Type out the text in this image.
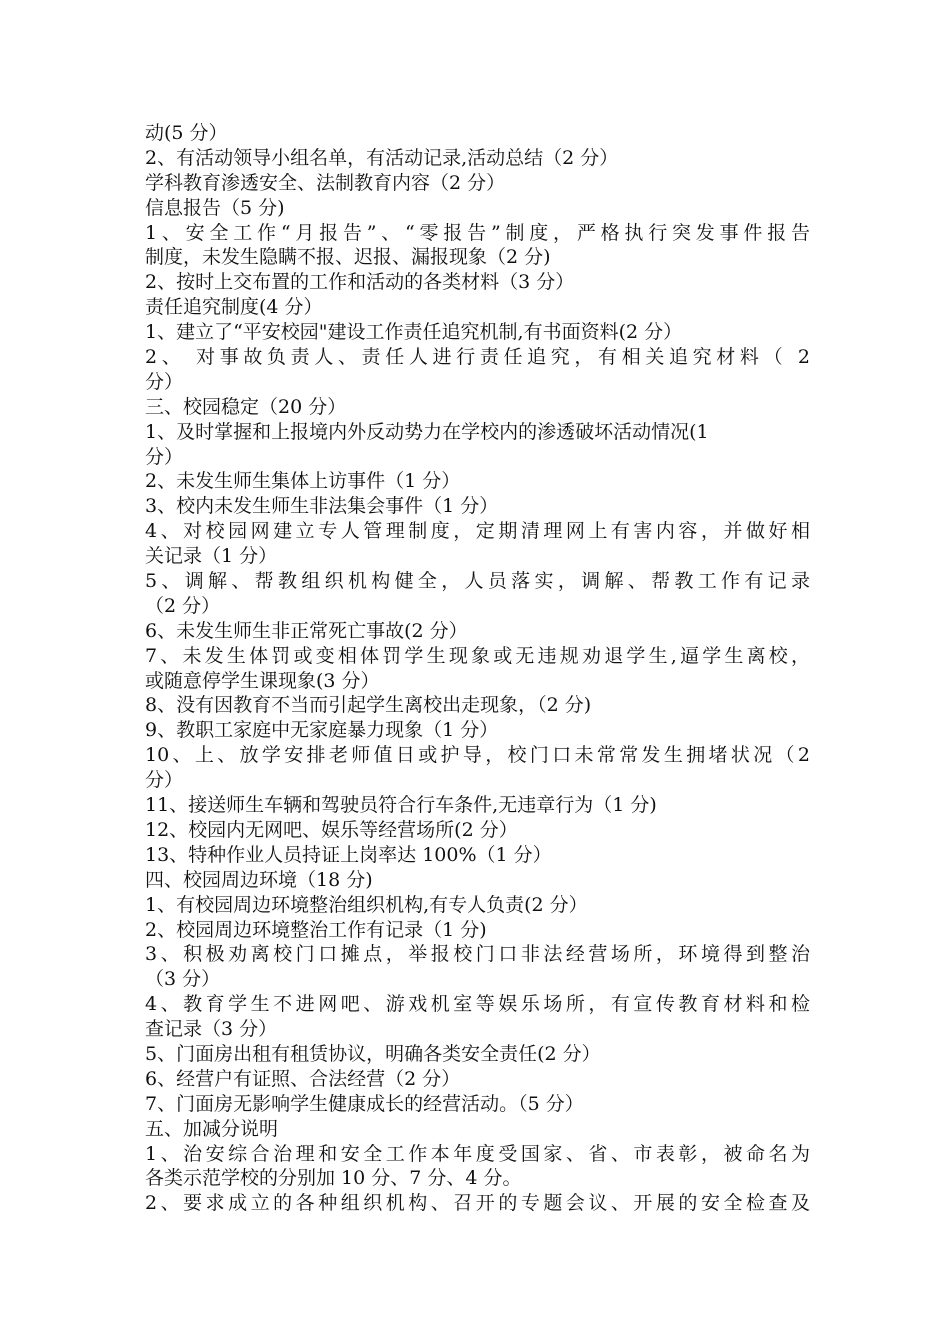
动(5 分）
2、有活动领导小组名单，有活动记录,活动总结（2 分）
学科教育渗透安全、法制教育内容（2 分）
信息报告（5 分)
1、安全工作“月报告”、“零报告”制度，严格执行突发事件报告
制度，未发生隐瞒不报、迟报、漏报现象（2 分)
2、按时上交布置的工作和活动的各类材料（3 分）
责任追究制度(4 分）
1、建立了“平安校园"建设工作责任追究机制,有书面资料(2 分）
2、 对事故负责人、责任人进行责任追究，有相关追究材料（ 2
分）
三、校园稳定（20 分）
1、及时掌握和上报境内外反动势力在学校内的渗透破坏活动情况(1
分）
2、未发生师生集体上访事件（1 分）
3、校内未发生师生非法集会事件（1 分）
4、对校园网建立专人管理制度，定期清理网上有害内容，并做好相
关记录（1 分）
5、调解、帮教组织机构健全，人员落实，调解、帮教工作有记录
（2 分）
6、未发生师生非正常死亡事故(2 分）
7、未发生体罚或变相体罚学生现象或无违规劝退学生,逼学生离校，
或随意停学生课现象(3 分）
8、没有因教育不当而引起学生离校出走现象，（2 分)
9、教职工家庭中无家庭暴力现象（1 分）
10、上、放学安排老师值日或护导，校门口未常常发生拥堵状况（2
分）
11、接送师生车辆和驾驶员符合行车条件,无违章行为（1 分)
12、校园内无网吧、娱乐等经营场所(2 分）
13、特种作业人员持证上岗率达 100%（1 分）
四、校园周边环境（18 分)
1、有校园周边环境整治组织机构,有专人负责(2 分）
2、校园周边环境整治工作有记录（1 分)
3、积极劝离校门口摊点，举报校门口非法经营场所，环境得到整治
（3 分）
4、教育学生不进网吧、游戏机室等娱乐场所，有宣传教育材料和检
查记录（3 分）
5、门面房出租有租赁协议，明确各类安全责任(2 分）
6、经营户有证照、合法经营（2 分）
7、门面房无影响学生健康成长的经营活动。（5 分）
五、加减分说明
1、治安综合治理和安全工作本年度受国家、省、市表彰，被命名为
各类示范学校的分别加 10 分、7 分、4 分。
2、要求成立的各种组织机构、召开的专题会议、开展的安全检查及
